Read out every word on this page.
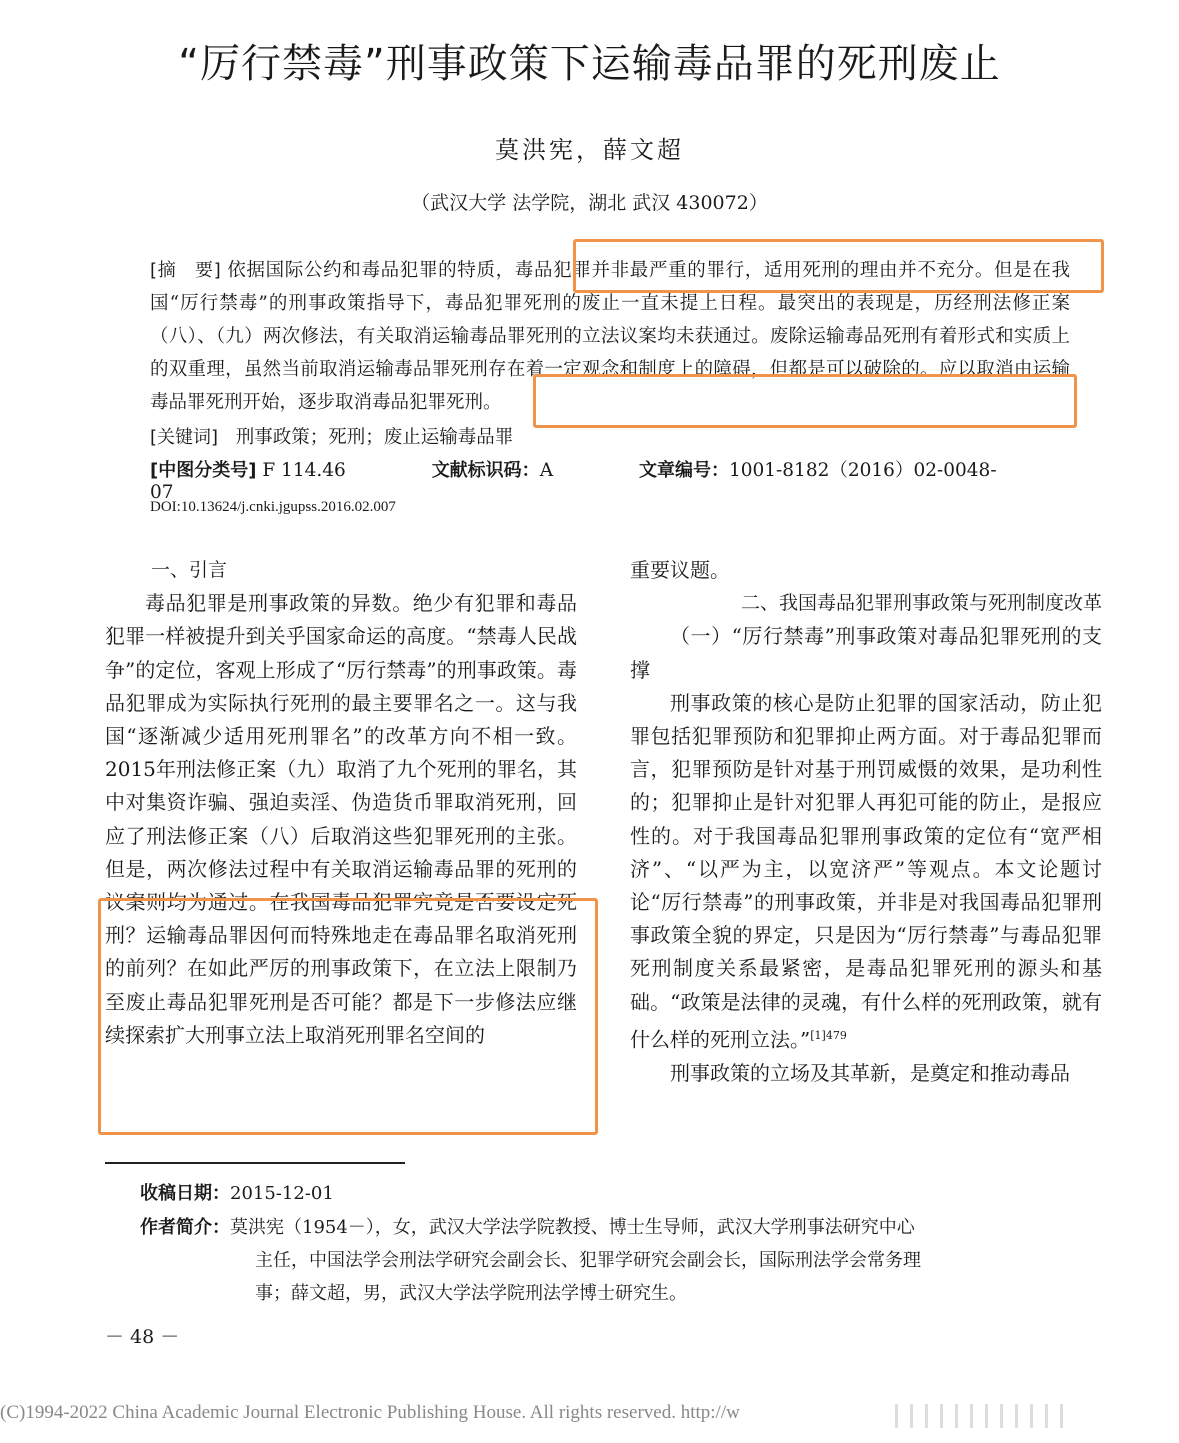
“厉行禁毒”刑事政策下运输毒品罪的死刑废止
莫洪宪，薛文超
（武汉大学 法学院，湖北 武汉 430072）
[摘　要] 依据国际公约和毒品犯罪的特质，毒品犯罪并非最严重的罪行，适用死刑的理由并不充分。但是在我国“厉行禁毒”的刑事政策指导下，毒品犯罪死刑的废止一直未提上日程。最突出的表现是，历经刑法修正案（八）、（九）两次修法，有关取消运输毒品罪死刑的立法议案均未获通过。废除运输毒品死刑有着形式和实质上的双重理，虽然当前取消运输毒品罪死刑存在着一定观念和制度上的障碍，但都是可以破除的。应以取消由运输毒品罪死刑开始，逐步取消毒品犯罪死刑。
[关键词] 刑事政策；死刑；废止运输毒品罪
[中图分类号] F 114.46	文献标识码：A	文章编号：1001-8182（2016）02-0048-07
DOI:10.13624/j.cnki.jgupss.2016.02.007
一、引言

毒品犯罪是刑事政策的异数。绝少有犯罪和毒品犯罪一样被提升到关乎国家命运的高度。“禁毒人民战争”的定位，客观上形成了“厉行禁毒”的刑事政策。毒品犯罪成为实际执行死刑的最主要罪名之一。这与我国“逐渐减少适用死刑罪名”的改革方向不相一致。2015年刑法修正案（九）取消了九个死刑的罪名，其中对集资诈骗、强迫卖淫、伪造货币罪取消死刑，回应了刑法修正案（八）后取消这些犯罪死刑的主张。但是，两次修法过程中有关取消运输毒品罪的死刑的议案则均为通过。在我国毒品犯罪究竟是否要设定死刑？运输毒品罪因何而特殊地走在毒品罪名取消死刑的前列？在如此严厉的刑事政策下，在立法上限制乃至废止毒品犯罪死刑是否可能？都是下一步修法应继续探索扩大刑事立法上取消死刑罪名空间的

重要议题。
二、我国毒品犯罪刑事政策与死刑制度改革

（一）“厉行禁毒”刑事政策对毒品犯罪死刑的支撑

刑事政策的核心是防止犯罪的国家活动，防止犯罪包括犯罪预防和犯罪抑止两方面。对于毒品犯罪而言，犯罪预防是针对基于刑罚威慑的效果，是功利性的；犯罪抑止是针对犯罪人再犯可能的防止，是报应性的。对于我国毒品犯罪刑事政策的定位有“宽严相济”、“以严为主，以宽济严”等观点。本文论题讨论“厉行禁毒”的刑事政策，并非是对我国毒品犯罪刑事政策全貌的界定，只是因为“厉行禁毒”与毒品犯罪死刑制度关系最紧密，是毒品犯罪死刑的源头和基础。“政策是法律的灵魂，有什么样的死刑政策，就有什么样的死刑立法。”$^{[1]479}$

刑事政策的立场及其革新，是奠定和推动毒品

收稿日期：2015-12-01
作者简介：莫洪宪（1954－），女，武汉大学法学院教授、博士生导师，武汉大学刑事法研究中心
主任，中国法学会刑法学研究会副会长、犯罪学研究会副会长，国际刑法学会常务理
事；薛文超，男，武汉大学法学院刑法学博士研究生。
－ 48 －
(C)1994-2022 China Academic Journal Electronic Publishing House. All rights reserved. http://w
